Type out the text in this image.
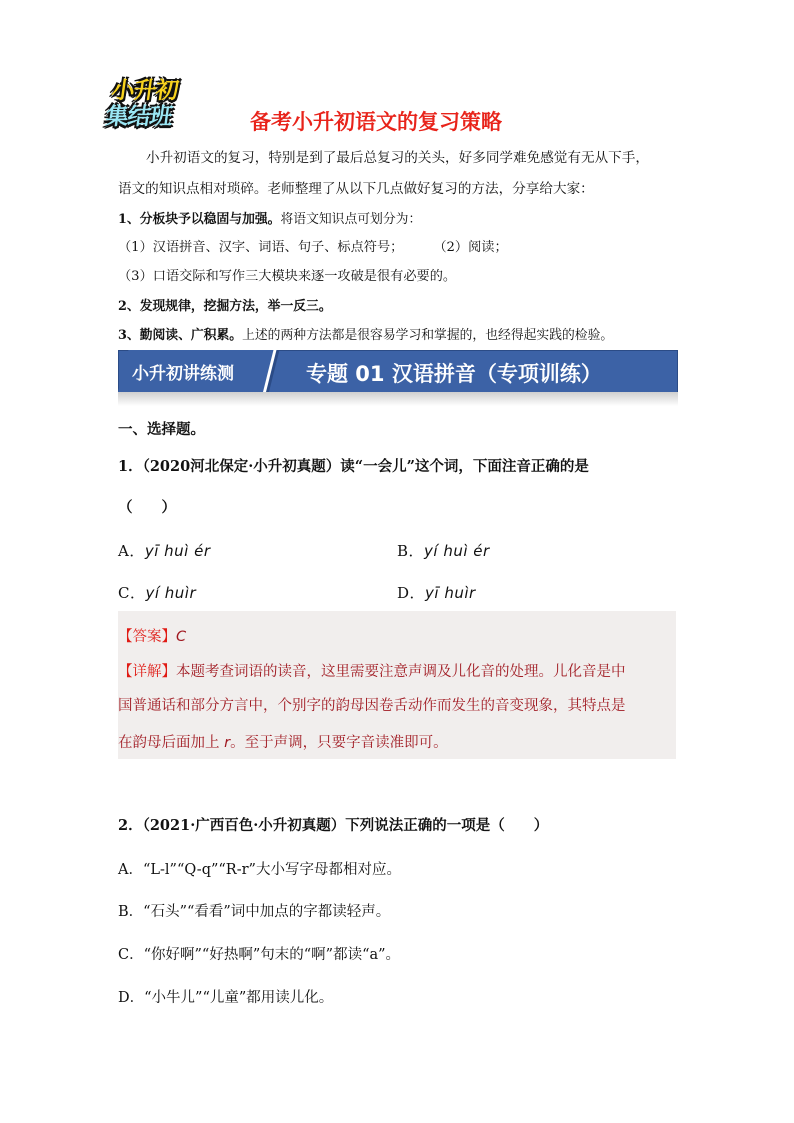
小升初
集结班	备考小升初语文的复习策略
小升初语文的复习，特别是到了最后总复习的关头，好多同学难免感觉有无从下手，
语文的知识点相对琐碎。老师整理了从以下几点做好复习的方法，分享给大家：
1、分板块予以稳固与加强。将语文知识点可划分为：
（1）汉语拼音、汉字、词语、句子、标点符号； （2）阅读；
（3）口语交际和写作三大模块来逐一攻破是很有必要的。
2、发现规律，挖掘方法，举一反三。
3、勤阅读、广积累。上述的两种方法都是很容易学习和掌握的，也经得起实践的检验。
小升初讲练测	专题 01 汉语拼音（专项训练）
一、选择题。
1．（2020河北保定·小升初真题）读“一会儿”这个词，下面注音正确的是
（　　）
A．yī huì ér	B．yí huì ér
C．yí huìr	D．yī huìr
【答案】C
【详解】本题考查词语的读音，这里需要注意声调及儿化音的处理。儿化音是中
国普通话和部分方言中，个别字的韵母因卷舌动作而发生的音变现象，其特点是
在韵母后面加上 r。至于声调，只要字音读准即可。
2．（2021·广西百色·小升初真题）下列说法正确的一项是（　　）
A．“L-l”“Q-q”“R-r”大小写字母都相对应。
B．“石头”“看看”词中加点的字都读轻声。
C．“你好啊”“好热啊”句末的“啊”都读“a”。
D．“小牛儿”“儿童”都用读儿化。
